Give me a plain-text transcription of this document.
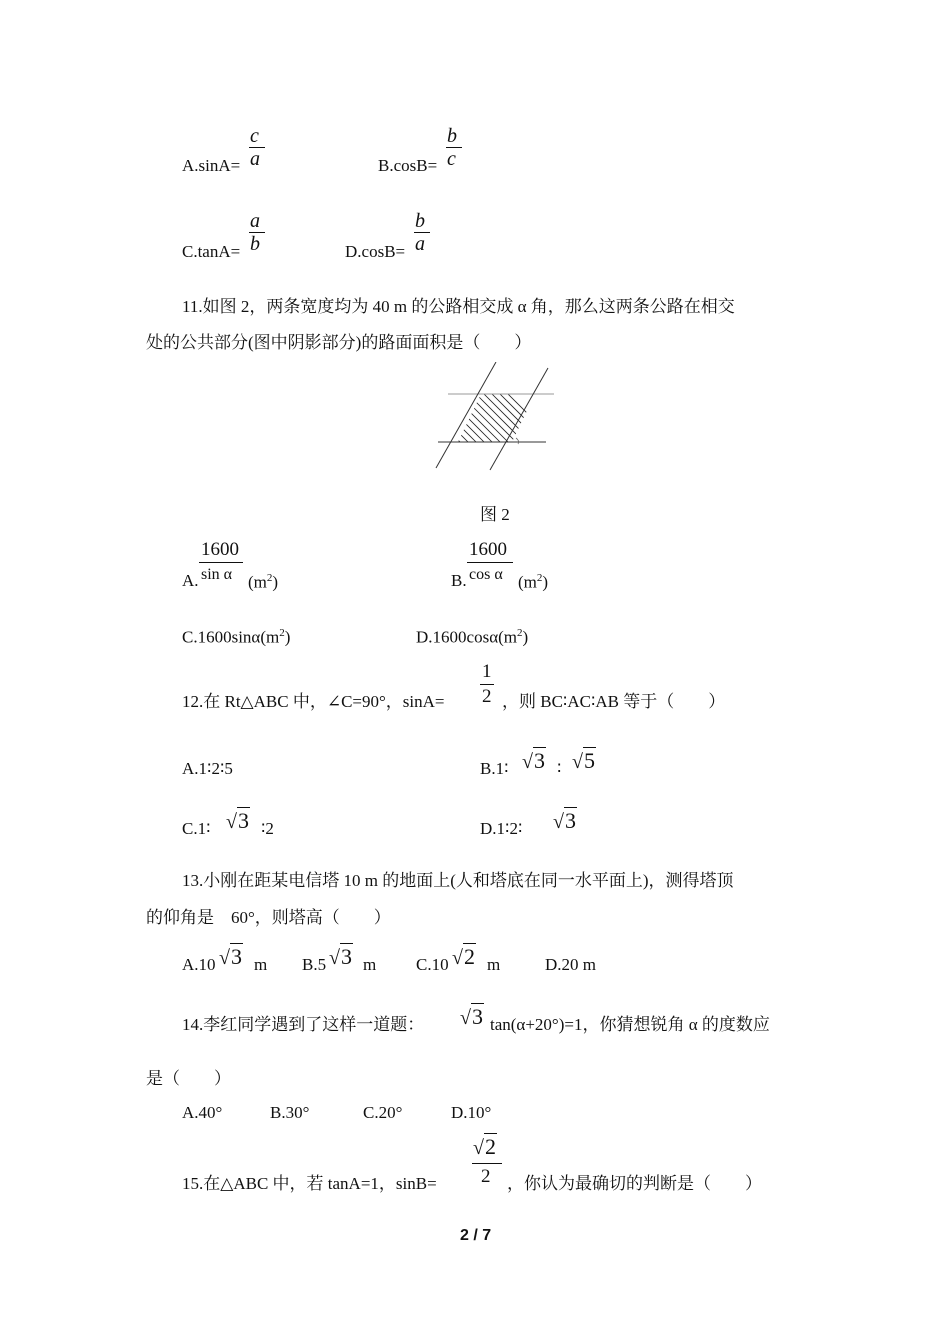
A.sinA=
c
a	B.cosB=
b
c
C.tanA=
a
b	D.cosB=
b
a
11.如图 2，两条宽度均为 40 m 的公路相交成 α 角，那么这两条公路在相交
处的公共部分(图中阴影部分)的路面面积是（　　）
图 2
A.
1600
sin α $(m^2)$	B.
1600
cos α $(m^2)$
$C.1600\sin\alpha(m^2)$	$D.1600\cos\alpha(m^2)$
12.在 Rt△ABC 中，∠C=90°，sinA=
1
2 ，则 BC∶AC∶AB 等于（　　）
A.1∶2∶5	B.1∶ √3 ∶ √5
C.1∶ √3 ∶2	D.1∶2∶ √3
13.小刚在距某电信塔 10 m 的地面上(人和塔底在同一水平面上)，测得塔顶
的仰角是　60°，则塔高（　　）
A.10 √3 m B.5 √3 m C.10 √2 m	D.20 m
14.李红同学遇到了这样一道题： √3 tan(α+20°)=1，你猜想锐角 α 的度数应
是（　　）
A.40°	B.30°	C.20°	D.10°
15.在△ABC 中，若 tanA=1，sinB=
√2
2 ，你认为最确切的判断是（　　）
2 / 7
